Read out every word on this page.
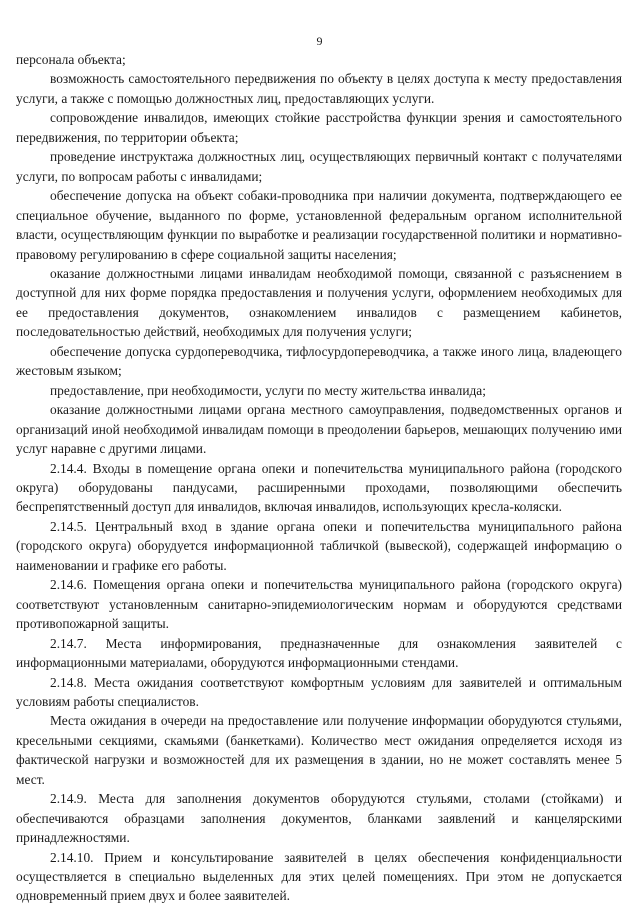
9

персонала объекта;

возможность самостоятельного передвижения по объекту в целях доступа к месту предоставления услуги, а также с помощью должностных лиц, предоставляющих услуги.

сопровождение инвалидов, имеющих стойкие расстройства функции зрения и самостоятельного передвижения, по территории объекта;

проведение инструктажа должностных лиц, осуществляющих первичный контакт с получателями услуги, по вопросам работы с инвалидами;

обеспечение допуска на объект собаки-проводника при наличии документа, подтверждающего ее специальное обучение, выданного по форме, установленной федеральным органом исполнительной власти, осуществляющим функции по выработке и реализации государственной политики и нормативно-правовому регулированию в сфере социальной защиты населения;

оказание должностными лицами инвалидам необходимой помощи, связанной с разъяснением в доступной для них форме порядка предоставления и получения услуги, оформлением необходимых для ее предоставления документов, ознакомлением инвалидов с размещением кабинетов, последовательностью действий, необходимых для получения услуги;

обеспечение допуска сурдопереводчика, тифлосурдопереводчика, а также иного лица, владеющего жестовым языком;

предоставление, при необходимости, услуги по месту жительства инвалида;

оказание должностными лицами органа местного самоуправления, подведомственных органов и организаций иной необходимой инвалидам помощи в преодолении барьеров, мешающих получению ими услуг наравне с другими лицами.

2.14.4. Входы в помещение органа опеки и попечительства муниципального района (городского округа) оборудованы пандусами, расширенными проходами, позволяющими обеспечить беспрепятственный доступ для инвалидов, включая инвалидов, использующих кресла-коляски.

2.14.5. Центральный вход в здание органа опеки и попечительства муниципального района (городского округа) оборудуется информационной табличкой (вывеской), содержащей информацию о наименовании и графике его работы.

2.14.6. Помещения органа опеки и попечительства муниципального района (городского округа) соответствуют установленным санитарно-эпидемиологическим нормам и оборудуются средствами противопожарной защиты.

2.14.7. Места информирования, предназначенные для ознакомления заявителей с информационными материалами, оборудуются информационными стендами.

2.14.8. Места ожидания соответствуют комфортным условиям для заявителей и оптимальным условиям работы специалистов.

Места ожидания в очереди на предоставление или получение информации оборудуются стульями, кресельными секциями, скамьями (банкетками). Количество мест ожидания определяется исходя из фактической нагрузки и возможностей для их размещения в здании, но не может составлять менее 5 мест.

2.14.9. Места для заполнения документов оборудуются стульями, столами (стойками) и обеспечиваются образцами заполнения документов, бланками заявлений и канцелярскими принадлежностями.

2.14.10. Прием и консультирование заявителей в целях обеспечения конфиденциальности осуществляется в специально выделенных для этих целей помещениях. При этом не допускается одновременный прием двух и более заявителей.
